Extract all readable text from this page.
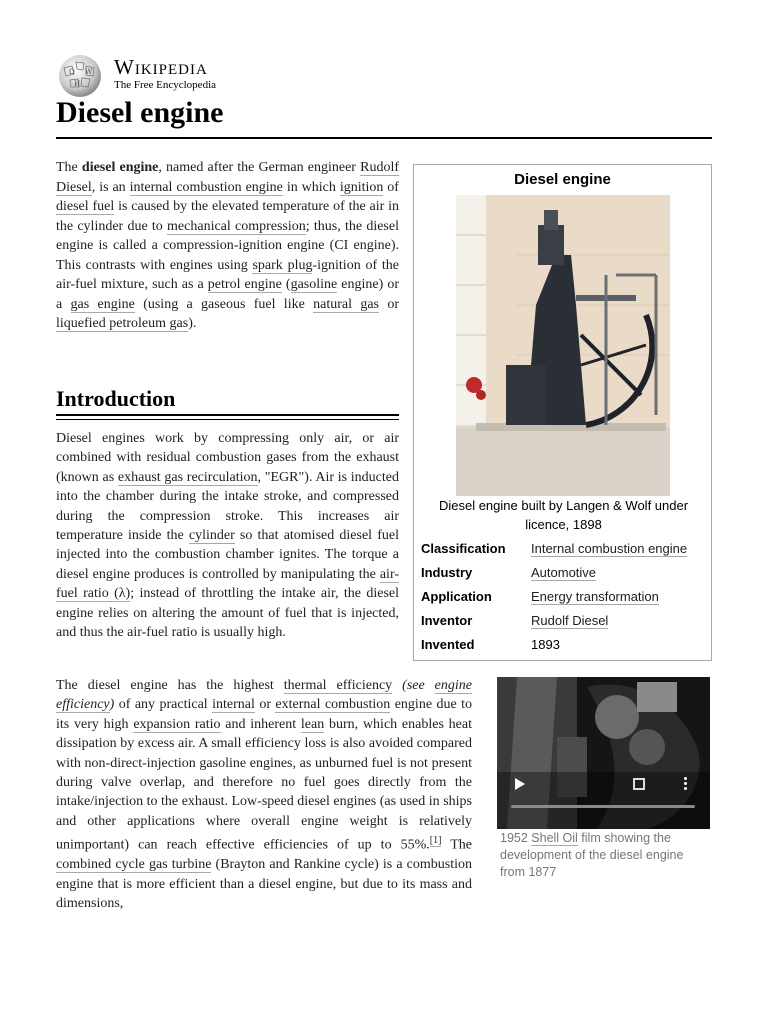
Ω W
И
Wikipedia
The Free Encyclopedia
Diesel engine

The diesel engine, named after the German engineer Rudolf Diesel, is an internal combustion engine in which ignition of diesel fuel is caused by the elevated temperature of the air in the cylinder due to mechanical compression; thus, the diesel engine is called a compression-ignition engine (CI engine). This contrasts with engines using spark plug-ignition of the air-fuel mixture, such as a petrol engine (gasoline engine) or a gas engine (using a gaseous fuel like natural gas or liquefied petroleum gas).

Introduction

Diesel engines work by compressing only air, or air combined with residual combustion gases from the exhaust (known as exhaust gas recirculation, "EGR"). Air is inducted into the chamber during the intake stroke, and compressed during the compression stroke. This increases air temperature inside the cylinder so that atomised diesel fuel injected into the combustion chamber ignites. The torque a diesel engine produces is controlled by manipulating the air-fuel ratio (λ); instead of throttling the intake air, the diesel engine relies on altering the amount of fuel that is injected, and thus the air-fuel ratio is usually high.

The diesel engine has the highest thermal efficiency (see engine efficiency) of any practical internal or external combustion engine due to its very high expansion ratio and inherent lean burn, which enables heat dissipation by excess air. A small efficiency loss is also avoided compared with non-direct-injection gasoline engines, as unburned fuel is not present during valve overlap, and therefore no fuel goes directly from the intake/injection to the exhaust. Low-speed diesel engines (as used in ships and other applications where overall engine weight is relatively unimportant) can reach effective efficiencies of up to 55%.[1] The combined cycle gas turbine (Brayton and Rankine cycle) is a combustion engine that is more efficient than a diesel engine, but due to its mass and dimensions,

Diesel engine
Diesel engine built by Langen & Wolf under licence, 1898
Classification Internal combustion engine
Industry	Automotive
Application	Energy transformation
Inventor	Rudolf Diesel
Invented	1893
1952 Shell Oil film showing the development of the diesel engine from 1877
